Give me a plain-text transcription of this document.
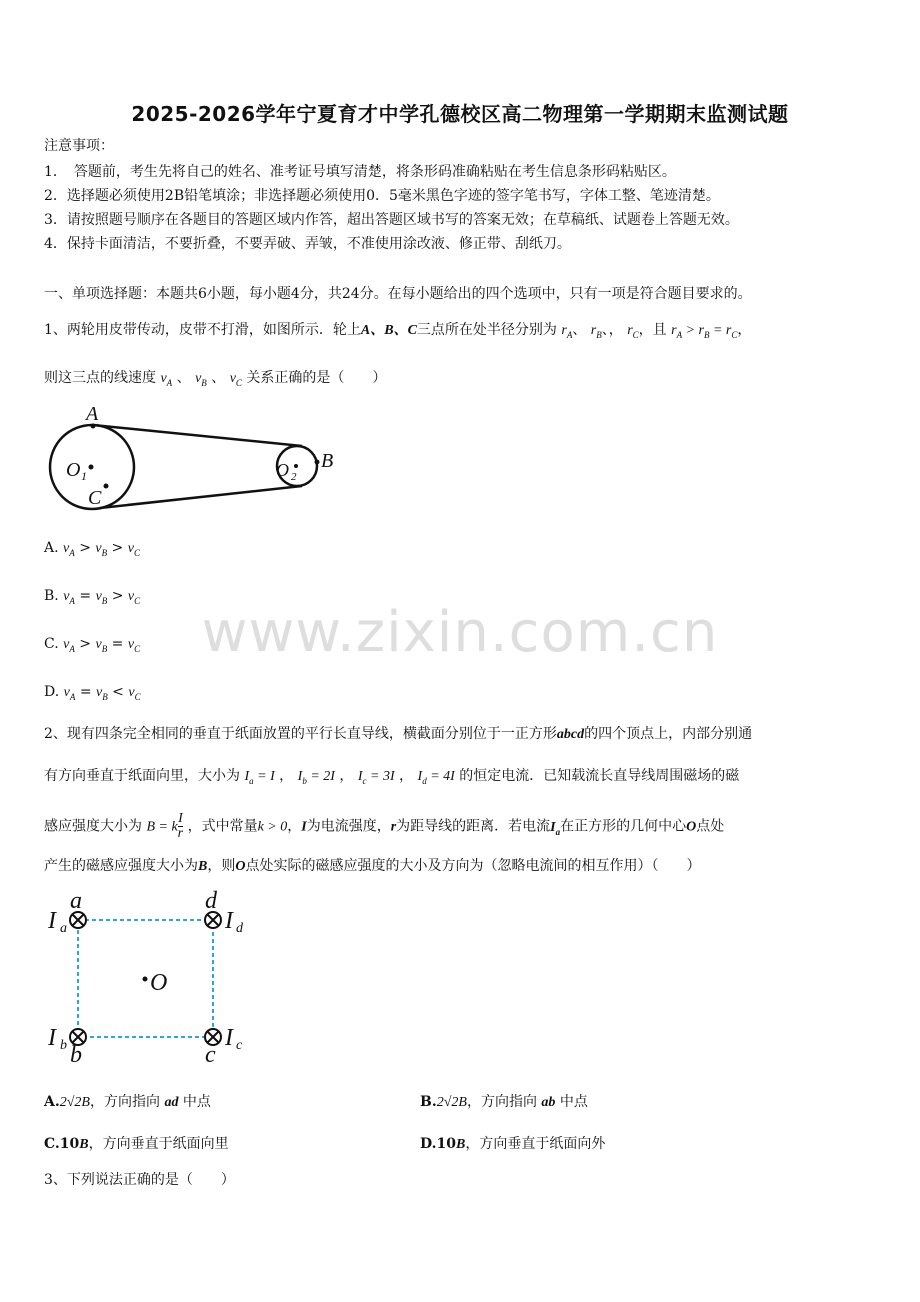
2025-2026学年宁夏育才中学孔德校区高二物理第一学期期末监测试题
www.zixin.com.cn
注意事项：
1．　答题前，考生先将自己的姓名、准考证号填写清楚，将条形码准确粘贴在考生信息条形码粘贴区。
2．选择题必须使用2B铅笔填涂；非选择题必须使用0．5毫米黑色字迹的签字笔书写，字体工整、笔迹清楚。
3．请按照题号顺序在各题目的答题区域内作答，超出答题区域书写的答案无效；在草稿纸、试题卷上答题无效。
4．保持卡面清洁，不要折叠，不要弄破、弄皱，不准使用涂改液、修正带、刮纸刀。
一、单项选择题：本题共6小题，每小题4分，共24分。在每小题给出的四个选项中，只有一项是符合题目要求的。
1、两轮用皮带传动，皮带不打滑，如图所示．轮上A、B、C三点所在处半径分别为 $r_A$、 $r_B$、， $r_C$，且 $r_A > r_B = r_C$，
则这三点的线速度 $v_A$ 、 $v_B$ 、 $v_C$ 关系正确的是（　　）
A
B
C
O 1	O 2
A. $v_A > v_B > v_C$
B. $v_A = v_B > v_C$
C. $v_A > v_B = v_C$
D. $v_A = v_B < v_C$
2、现有四条完全相同的垂直于纸面放置的平行长直导线，横截面分别位于一正方形abcd的四个顶点上，内部分别通
有方向垂直于纸面向里，大小为 $I_a = I$ ， $I_b = 2I$ ， $I_c = 3I$ ， $I_d = 4I$ 的恒定电流．已知载流长直导线周围磁场的磁
感应强度大小为 B = k $\frac{I}{r}$ ，式中常量k > 0，I为电流强度，r为距导线的距离．若电流$I_a$在正方形的几何中心O点处
产生的磁感应强度大小为B，则O点处实际的磁感应强度的大小及方向为（忽略电流间的相互作用）（　　）
O
a	d
b	c
I a	I d
I b	I c
A.2√2B，方向指向 ad 中点	B.2√2B，方向指向 ab 中点
C.10B，方向垂直于纸面向里	D.10B，方向垂直于纸面向外
3、下列说法正确的是（　　）
